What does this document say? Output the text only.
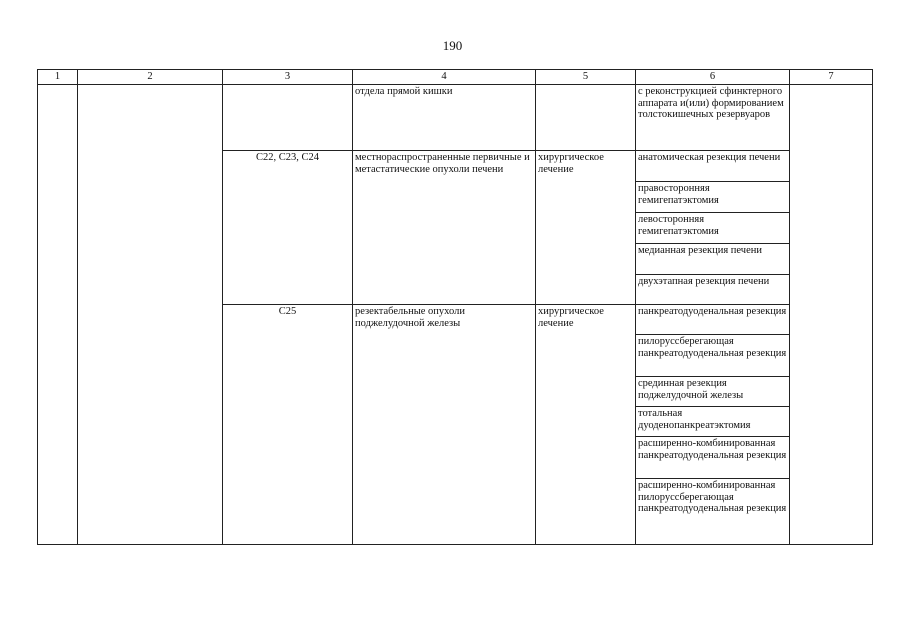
190
1	2	3	4	5	6	7
			отдела прямой кишки		с реконструкцией сфинктерного аппарата и(или) формированием толстокишечных резервуаров	
		C22, C23, C24	местнораспространенные первичные и метастатические опухоли печени	хирургическое лечение	анатомическая резекция печени	
					правосторонняя гемигепатэктомия	
					левосторонняя гемигепатэктомия	
					медианная резекция печени	
					двухэтапная резекция печени	
		C25	резектабельные опухоли поджелудочной железы	хирургическое лечение	панкреатодуоденальная резекция	
					пилоруссберегающая панкреатодуоденальная резекция	
					срединная резекция поджелудочной железы	
					тотальная дуоденопанкреатэктомия	
					расширенно-комбинированная панкреатодуоденальная резекция	
					расширенно-комбинированная пилоруссберегающая панкреатодуоденальная резекция	
